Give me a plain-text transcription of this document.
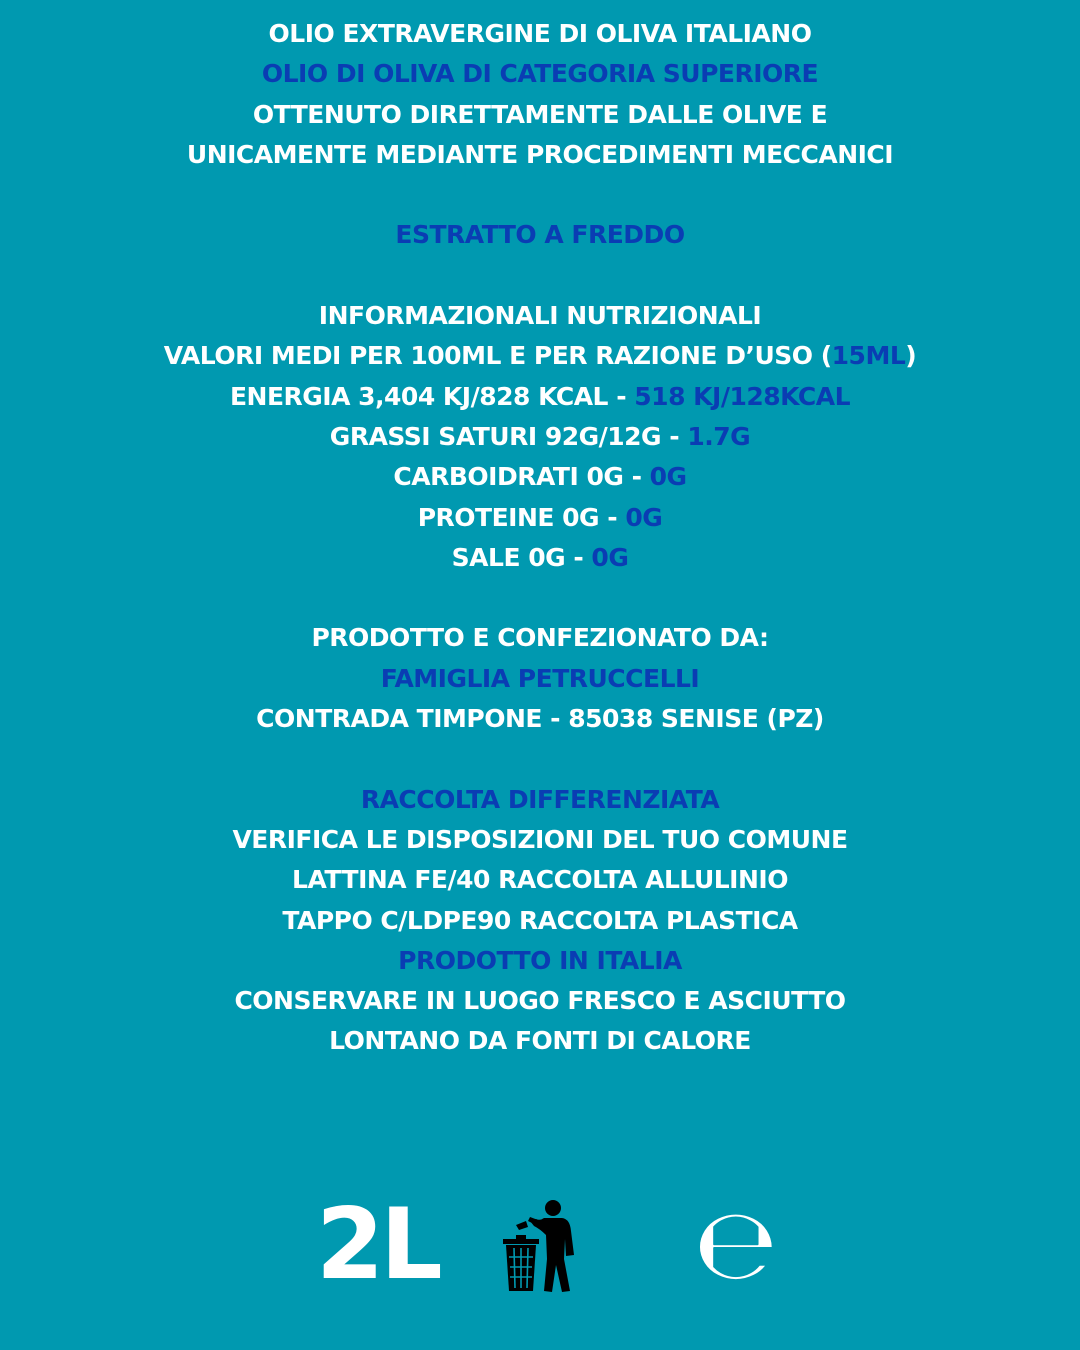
OLIO EXTRAVERGINE DI OLIVA ITALIANO
OLIO DI OLIVA DI CATEGORIA SUPERIORE
OTTENUTO DIRETTAMENTE DALLE OLIVE E
UNICAMENTE MEDIANTE PROCEDIMENTI MECCANICI
ESTRATTO A FREDDO
INFORMAZIONALI NUTRIZIONALI
VALORI MEDI PER 100ML E PER RAZIONE D’USO (15ML)
ENERGIA 3,404 KJ/828 KCAL - 518 KJ/128KCAL
GRASSI SATURI 92G/12G - 1.7G
CARBOIDRATI 0G - 0G
PROTEINE 0G - 0G
SALE 0G - 0G
PRODOTTO E CONFEZIONATO DA:
FAMIGLIA PETRUCCELLI
CONTRADA TIMPONE - 85038 SENISE (PZ)
RACCOLTA DIFFERENZIATA
VERIFICA LE DISPOSIZIONI DEL TUO COMUNE
LATTINA FE/40 RACCOLTA ALLULINIO
TAPPO C/LDPE90 RACCOLTA PLASTICA
PRODOTTO IN ITALIA
CONSERVARE IN LUOGO FRESCO E ASCIUTTO
LONTANO DA FONTI DI CALORE
2L	℮
